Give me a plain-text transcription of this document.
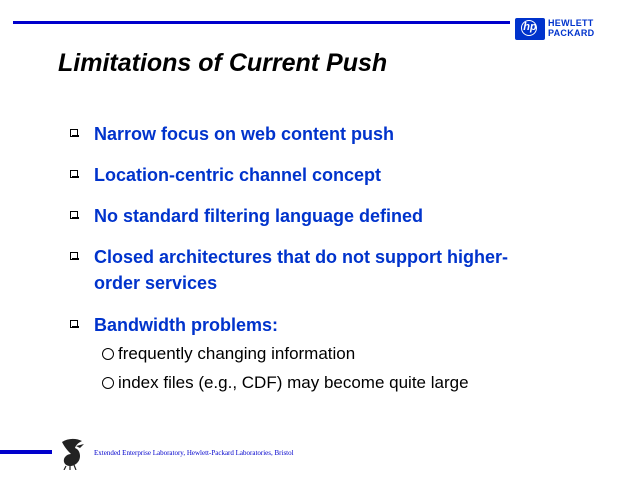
hp HEWLETT
PACKARD
Limitations of Current Push

Narrow focus on web content push

Location-centric channel concept

No standard filtering language defined

Closed architectures that do not support higher-

order services

Bandwidth problems:

frequently changing information
index files (e.g., CDF) may become quite large
Extended Enterprise Laboratory, Hewlett-Packard Laboratories, Bristol
